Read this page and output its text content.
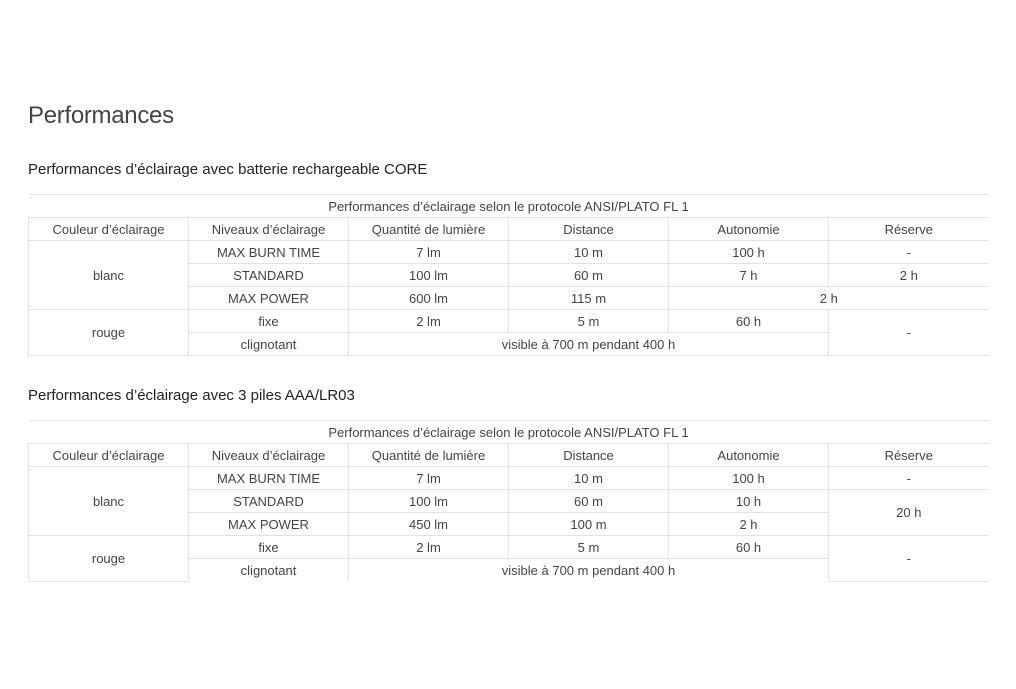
Performances
Performances d’éclairage avec batterie rechargeable CORE
Performances d’éclairage selon le protocole ANSI/PLATO FL 1					
Couleur d’éclairage	Niveaux d’éclairage	Quantité de lumière	Distance	Autonomie	Réserve
blanc	MAX BURN TIME	7 lm	10 m	100 h	-
	STANDARD	100 lm	60 m	7 h	2 h
	MAX POWER	600 lm	115 m	2 h	
rouge	fixe	2 lm	5 m	60 h	-
	clignotant	visible à 700 m pendant 400 h			
Performances d’éclairage avec 3 piles AAA/LR03
Performances d’éclairage selon le protocole ANSI/PLATO FL 1					
Couleur d’éclairage	Niveaux d’éclairage	Quantité de lumière	Distance	Autonomie	Réserve
blanc	MAX BURN TIME	7 lm	10 m	100 h	-
	STANDARD	100 lm	60 m	10 h	20 h
	MAX POWER	450 lm	100 m	2 h	
rouge	fixe	2 lm	5 m	60 h	-
	clignotant	visible à 700 m pendant 400 h			
